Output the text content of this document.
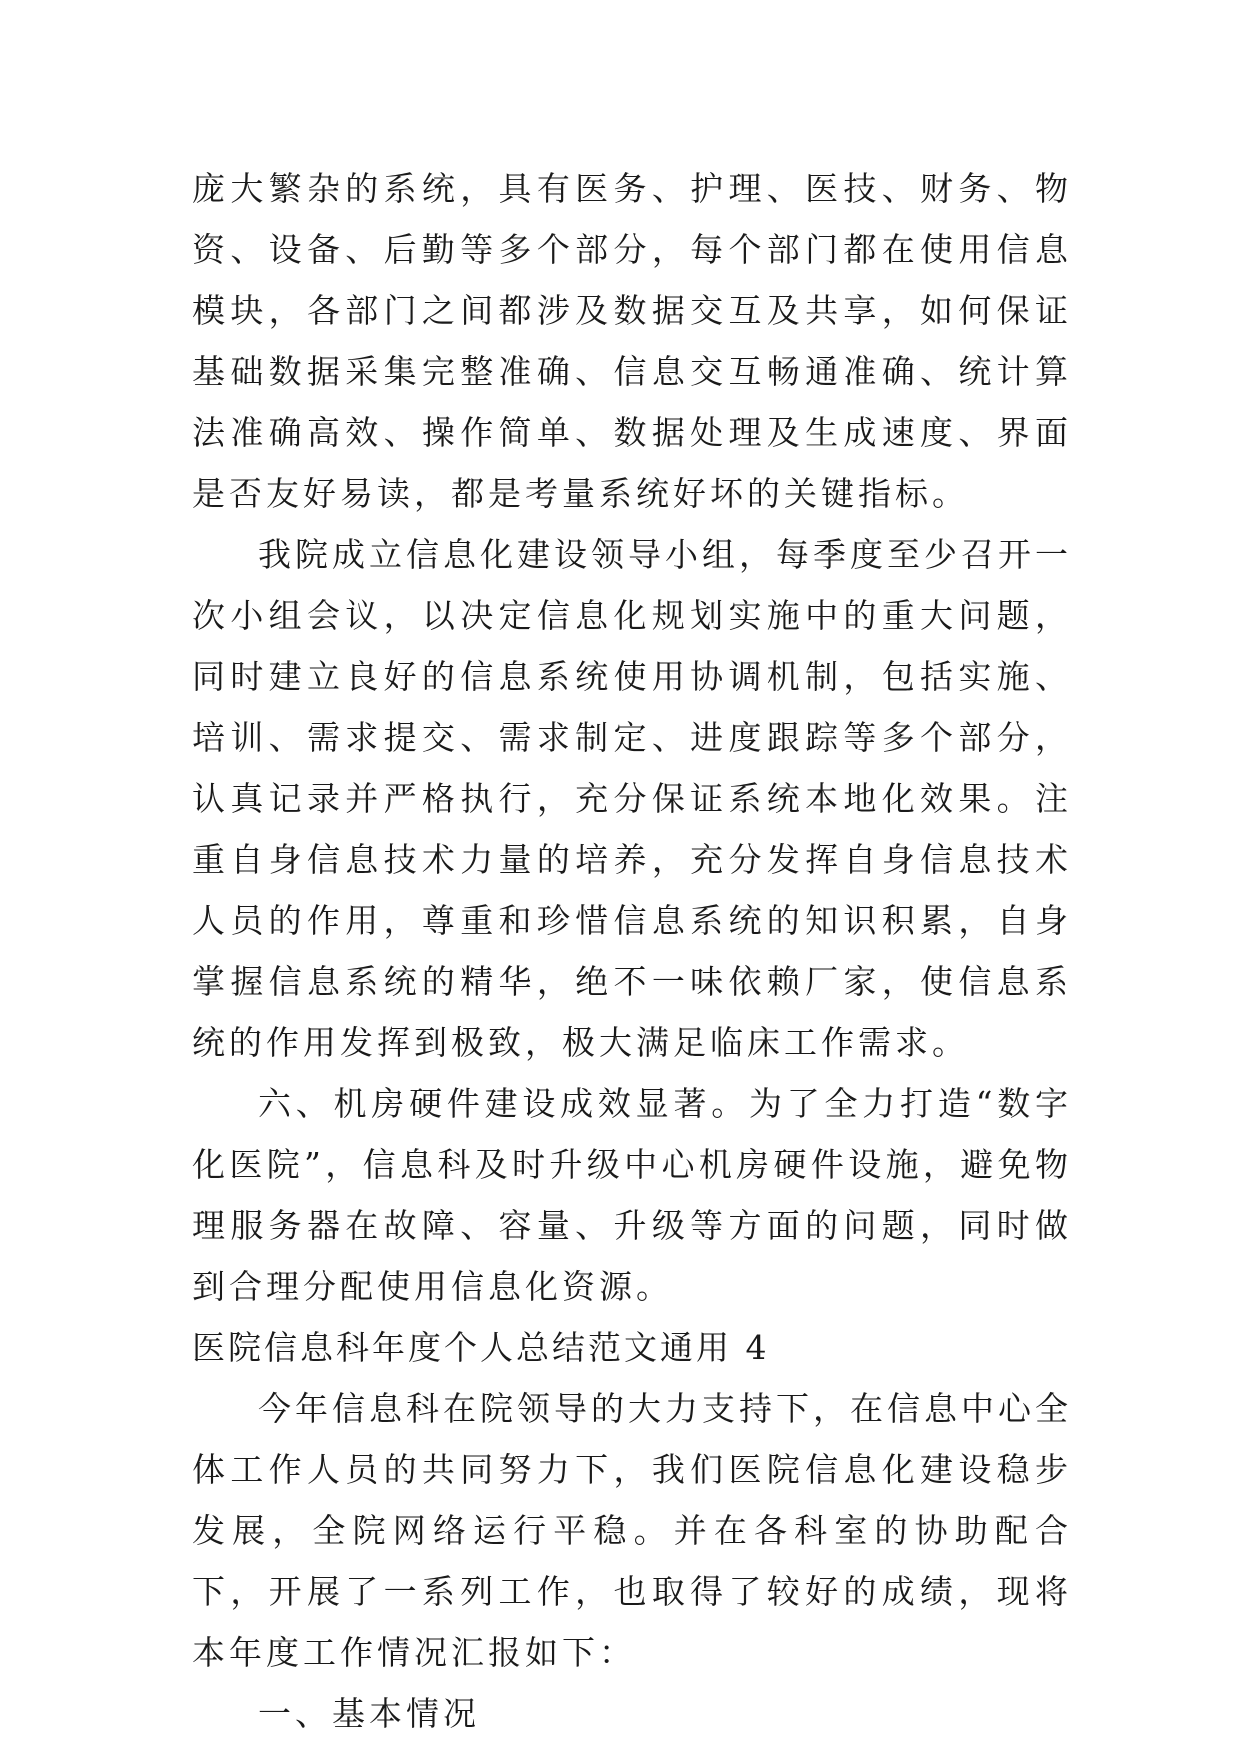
庞大繁杂的系统，具有医务、护理、医技、财务、物资、设备、后勤等多个部分，每个部门都在使用信息模块，各部门之间都涉及数据交互及共享，如何保证基础数据采集完整准确、信息交互畅通准确、统计算法准确高效、操作简单、数据处理及生成速度、界面是否友好易读，都是考量系统好坏的关键指标。

我院成立信息化建设领导小组，每季度至少召开一次小组会议，以决定信息化规划实施中的重大问题，同时建立良好的信息系统使用协调机制，包括实施、培训、需求提交、需求制定、进度跟踪等多个部分，认真记录并严格执行，充分保证系统本地化效果。注重自身信息技术力量的培养，充分发挥自身信息技术人员的作用，尊重和珍惜信息系统的知识积累，自身掌握信息系统的精华，绝不一味依赖厂家，使信息系统的作用发挥到极致，极大满足临床工作需求。

六、机房硬件建设成效显著。为了全力打造“数字化医院”，信息科及时升级中心机房硬件设施，避免物理服务器在故障、容量、升级等方面的问题，同时做到合理分配使用信息化资源。

医院信息科年度个人总结范文通用 4

今年信息科在院领导的大力支持下，在信息中心全体工作人员的共同努力下，我们医院信息化建设稳步发展，全院网络运行平稳。并在各科室的协助配合下，开展了一系列工作，也取得了较好的成绩，现将本年度工作情况汇报如下：

一、基本情况
